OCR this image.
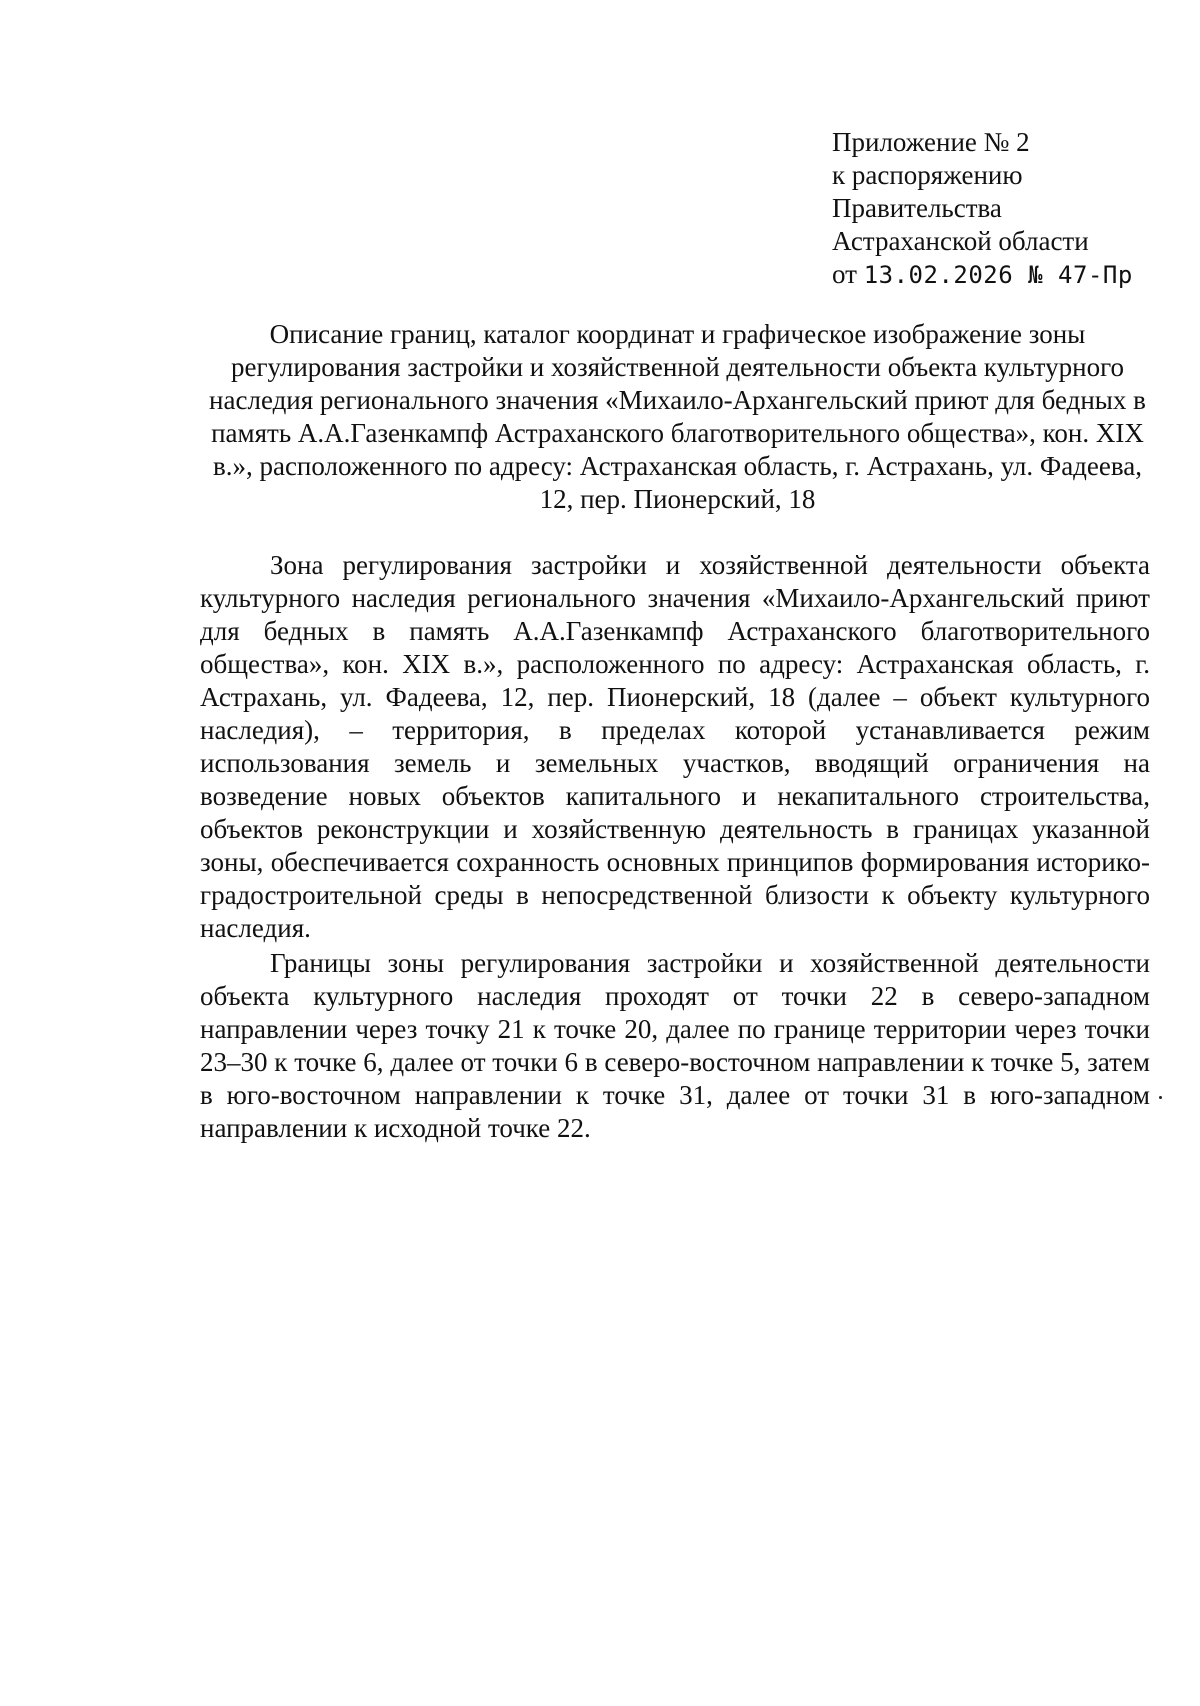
Приложение № 2
к распоряжению
Правительства
Астраханской области
от 13.02.2026 № 47-Пр
Описание границ, каталог координат и графическое изображение зоны регулирования застройки и хозяйственной деятельности объекта культурного наследия регионального значения «Михаило-Архангельский приют для бедных в память А.А.Газенкампф Астраханского благотворительного общества», кон. XIX в.», расположенного по адресу: Астраханская область, г. Астрахань, ул. Фадеева, 12, пер. Пионерский, 18

Зона регулирования застройки и хозяйственной деятельности объекта культурного наследия регионального значения «Михаило-Архангельский приют для бедных в память А.А.Газенкампф Астраханского благотворительного общества», кон. XIX в.», расположенного по адресу: Астраханская область, г. Астрахань, ул. Фадеева, 12, пер. Пионерский, 18 (далее – объект культурного наследия), – территория, в пределах которой устанавливается режим использования земель и земельных участков, вводящий ограничения на возведение новых объектов капитального и некапитального строительства, объектов реконструкции и хозяйственную деятельность в границах указанной зоны, обеспечивается сохранность основных принципов формирования историко-градостроительной среды в непосредственной близости к объекту культурного наследия.

Границы зоны регулирования застройки и хозяйственной деятельности объекта культурного наследия проходят от точки 22 в северо-западном направлении через точку 21 к точке 20, далее по границе территории через точки 23–30 к точке 6, далее от точки 6 в северо-восточном направлении к точке 5, затем в юго-восточном направлении к точке 31, далее от точки 31 в юго-западном направлении к исходной точке 22.
